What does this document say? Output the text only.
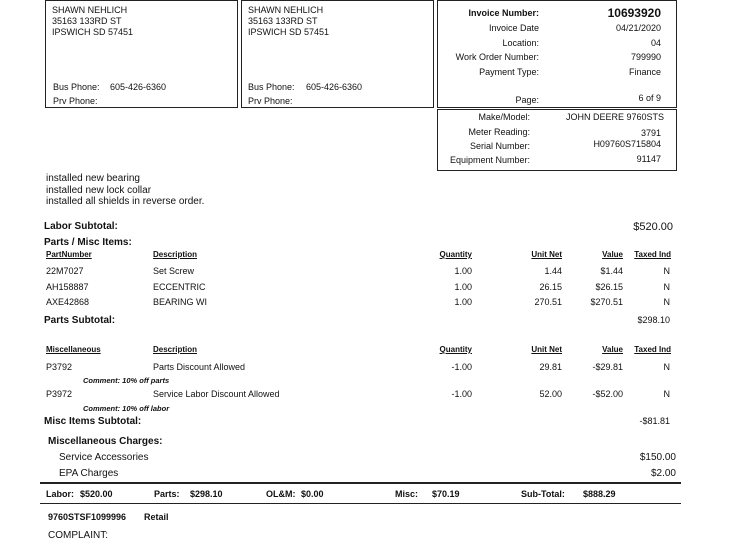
SHAWN NEHLICH
35163 133RD ST
IPSWICH SD 57451
Bus Phone: 605-426-6360
Prv Phone:
SHAWN NEHLICH
35163 133RD ST
IPSWICH SD 57451
Bus Phone: 605-426-6360
Prv Phone:
Invoice Number:	10693920
Invoice Date	04/21/2020
Location:	04
Work Order Number:	799990
Payment Type:	Finance
Page:	6 of 9
Make/Model:	JOHN DEERE 9760STS
Meter Reading:	3791
Serial Number:	H09760S715804
Equipment Number:	91147
installed new bearing
installed new lock collar
installed all shields in reverse order.
Labor Subtotal:	$520.00
Parts / Misc Items:
PartNumber	Description	Quantity	Unit Net	Value Taxed Ind
22M7027	Set Screw	1.00	1.44	$1.44	N
AH158887	ECCENTRIC	1.00	26.15	$26.15	N
AXE42868	BEARING WI	1.00	270.51	$270.51	N
Parts Subtotal:	$298.10
Miscellaneous	Description	Quantity	Unit Net	Value Taxed Ind
P3792	Parts Discount Allowed	-1.00	29.81	-$29.81	N
Comment: 10% off parts
P3972	Service Labor Discount Allowed	-1.00	52.00	-$52.00	N
Comment: 10% off labor
Misc Items Subtotal:	-$81.81
Miscellaneous Charges:
Service Accessories	$150.00
EPA Charges	$2.00
Labor: $520.00	Parts: $298.10	OL&M: $0.00	Misc: $70.19	Sub-Total: $888.29
9760STSF1099996 Retail
COMPLAINT:
